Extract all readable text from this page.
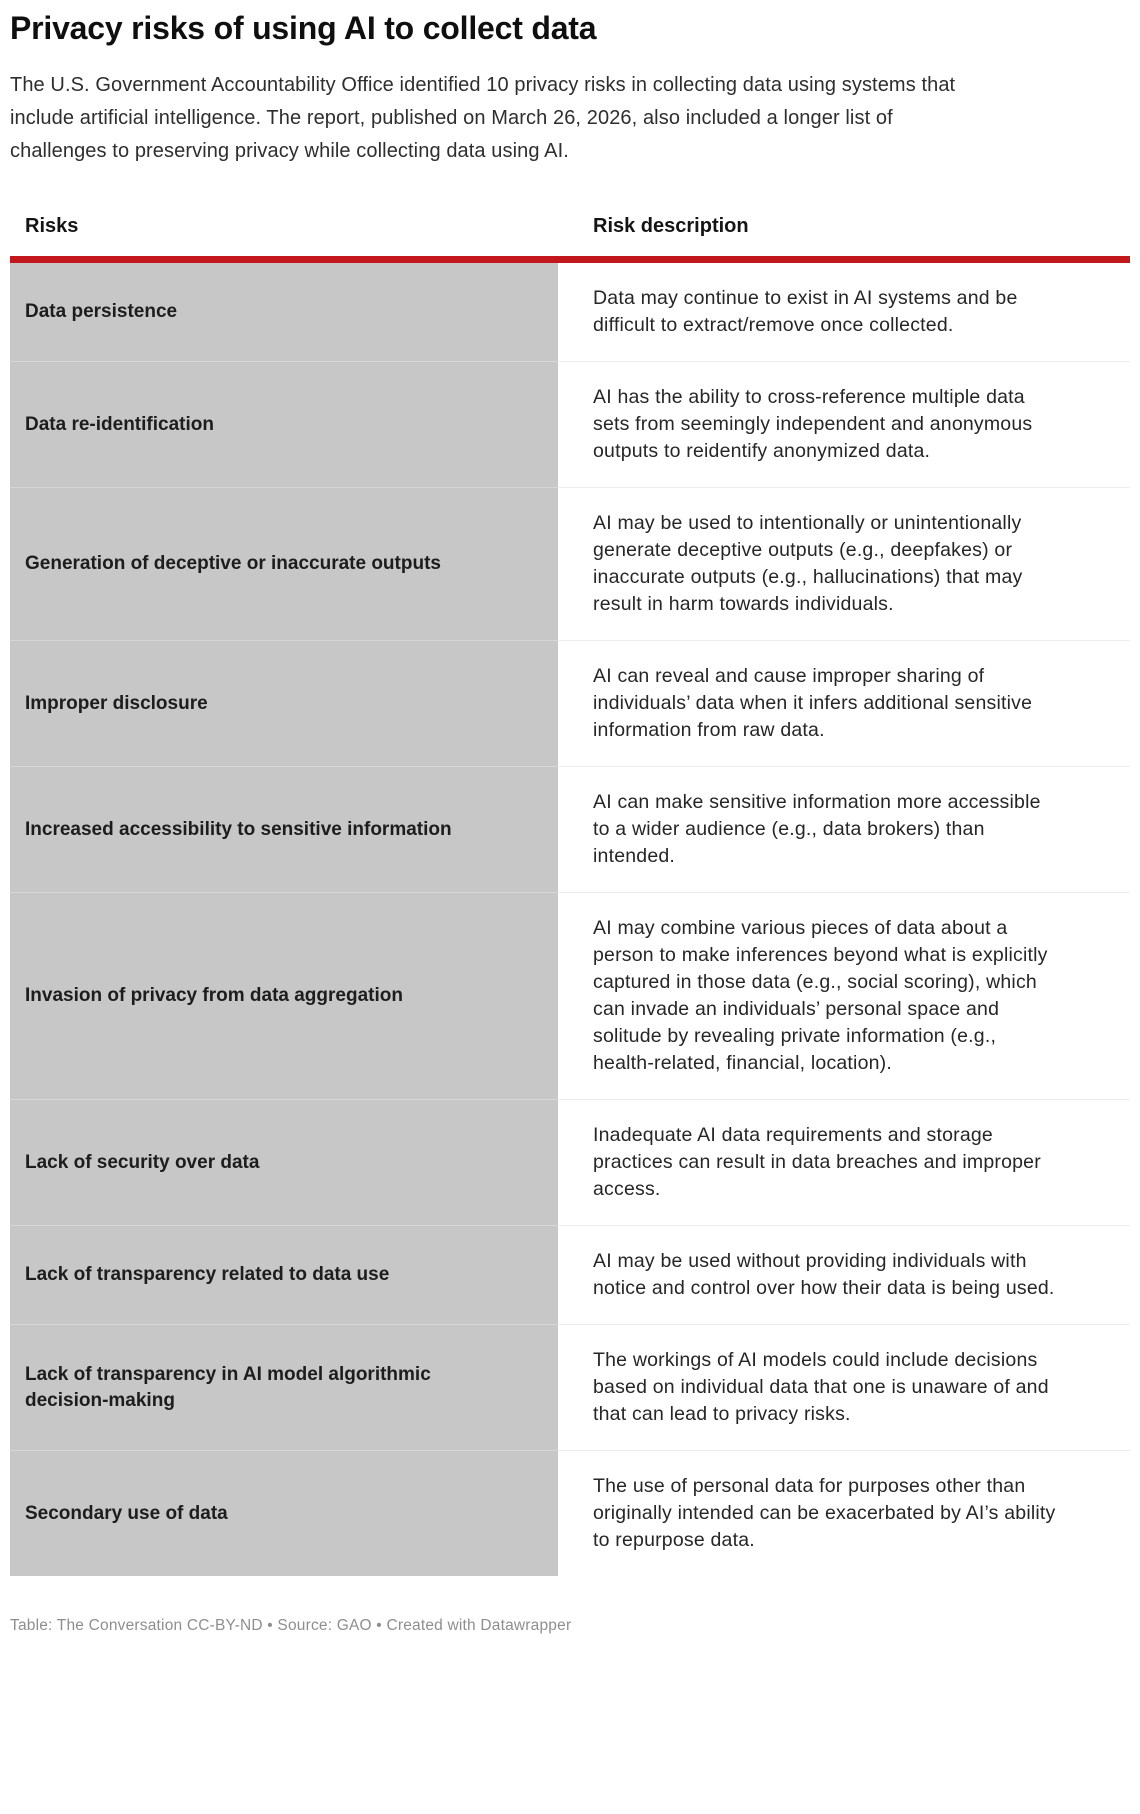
Privacy risks of using AI to collect data

The U.S. Government Accountability Office identified 10 privacy risks in collecting data using systems that include artificial intelligence. The report, published on March 26, 2026, also included a longer list of challenges to preserving privacy while collecting data using AI.

Risks	Risk description
Data persistence
Data may continue to exist in AI systems and be difficult to extract/remove once collected.
Data re-identification
AI has the ability to cross-reference multiple data sets from seemingly independent and anonymous outputs to reidentify anonymized data.
Generation of deceptive or inaccurate outputs
AI may be used to intentionally or unintentionally generate deceptive outputs (e.g., deepfakes) or inaccurate outputs (e.g., hallucinations) that may result in harm towards individuals.
Improper disclosure
AI can reveal and cause improper sharing of individuals’ data when it infers additional sensitive information from raw data.
Increased accessibility to sensitive information
AI can make sensitive information more accessible to a wider audience (e.g., data brokers) than intended.
Invasion of privacy from data aggregation
AI may combine various pieces of data about a person to make inferences beyond what is explicitly captured in those data (e.g., social scoring), which can invade an individuals’ personal space and solitude by revealing private information (e.g., health-related, financial, location).
Lack of security over data
Inadequate AI data requirements and storage practices can result in data breaches and improper access.
Lack of transparency related to data use
AI may be used without providing individuals with notice and control over how their data is being used.
Lack of transparency in AI model algorithmic decision-making
The workings of AI models could include decisions based on individual data that one is unaware of and that can lead to privacy risks.
Secondary use of data
The use of personal data for purposes other than originally intended can be exacerbated by AI’s ability to repurpose data.

Table: The Conversation CC-BY-ND • Source: GAO • Created with Datawrapper
